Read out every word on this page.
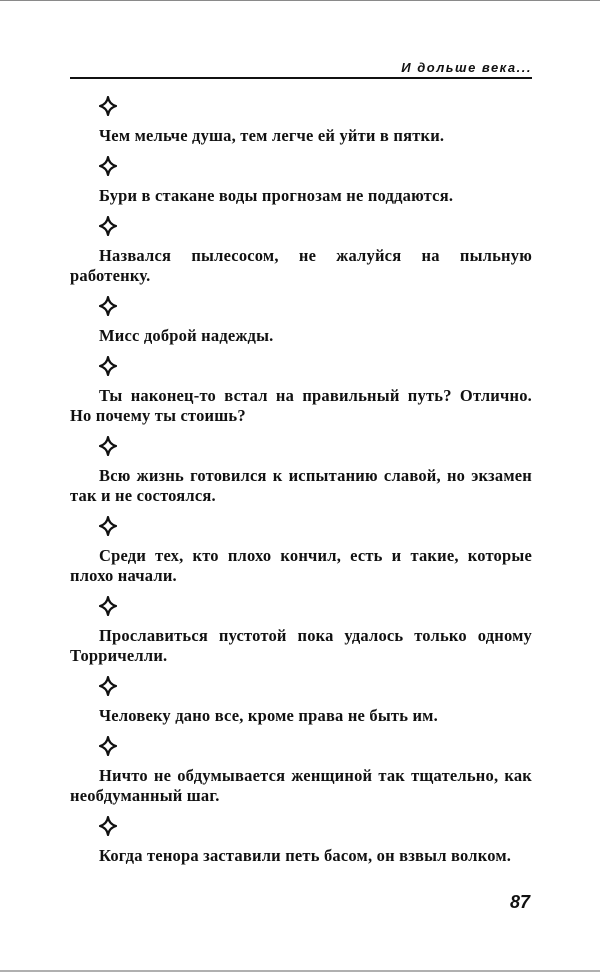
И дольше века...

Чем мельче душа, тем легче ей уйти в пятки.

Бури в стакане воды прогнозам не поддаются.

Назвался пылесосом, не жалуйся на пыльную работенку.

Мисс доброй надежды.

Ты наконец-то встал на правильный путь? Отлично. Но почему ты стоишь?

Всю жизнь готовился к испытанию славой, но экзамен так и не состоялся.

Среди тех, кто плохо кончил, есть и такие, которые плохо начали.

Прославиться пустотой пока удалось только одному Торричелли.

Человеку дано все, кроме права не быть им.

Ничто не обдумывается женщиной так тщательно, как необдуманный шаг.

Когда тенора заставили петь басом, он взвыл волком.

87
